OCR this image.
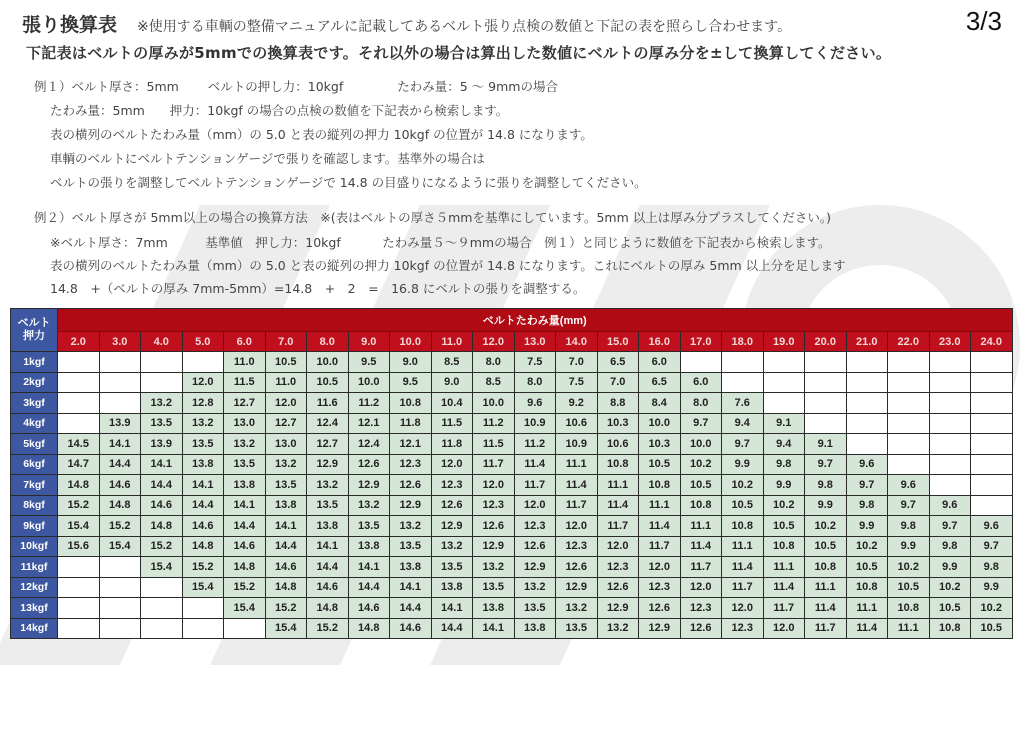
張り換算表 ※使用する車輌の整備マニュアルに記載してあるベルト張り点検の数値と下記の表を照らし合わせます。	3/3
下記表はベルトの厚みが5mmでの換算表です。それ以外の場合は算出した数値にベルトの厚み分を±して換算してください。
例１）ベルト厚さ：5mm　　 ベルトの押し力：10kgf　　　　 たわみ量：5 ～ 9mmの場合
たわみ量：5mm　　押力：10kgf の場合の点検の数値を下記表から検索します。
表の横列のベルトたわみ量（mm）の 5.0 と表の縦列の押力 10kgf の位置が 14.8 になります。
車輌のベルトにベルトテンションゲージで張りを確認します。基準外の場合は
ベルトの張りを調整してベルトテンションゲージで 14.8 の目盛りになるように張りを調整してください。
例２）ベルト厚さが 5mm以上の場合の換算方法　※(表はベルトの厚さ５mmを基準にしています。5mm 以上は厚み分プラスしてください。)
※ベルト厚さ：7mm　　　基準値　押し力：10kgf　　　 たわみ量５～９mmの場合　例１）と同じように数値を下記表から検索します。
表の横列のベルトたわみ量（mm）の 5.0 と表の縦列の押力 10kgf の位置が 14.8 になります。これにベルトの厚み 5mm 以上分を足します
14.8　+（ベルトの厚み 7mm-5mm）=14.8　+　2　=　16.8 にベルトの張りを調整する。
ベルト
押力	ベルトたわみ量(mm)																						
	2.0	3.0	4.0	5.0	6.0	7.0	8.0	9.0	10.0	11.0	12.0	13.0	14.0	15.0	16.0	17.0	18.0	19.0	20.0	21.0	22.0	23.0	24.0
1kgf					11.0	10.5	10.0	9.5	9.0	8.5	8.0	7.5	7.0	6.5	6.0								
2kgf				12.0	11.5	11.0	10.5	10.0	9.5	9.0	8.5	8.0	7.5	7.0	6.5	6.0							
3kgf			13.2	12.8	12.7	12.0	11.6	11.2	10.8	10.4	10.0	9.6	9.2	8.8	8.4	8.0	7.6						
4kgf		13.9	13.5	13.2	13.0	12.7	12.4	12.1	11.8	11.5	11.2	10.9	10.6	10.3	10.0	9.7	9.4	9.1					
5kgf	14.5	14.1	13.9	13.5	13.2	13.0	12.7	12.4	12.1	11.8	11.5	11.2	10.9	10.6	10.3	10.0	9.7	9.4	9.1				
6kgf	14.7	14.4	14.1	13.8	13.5	13.2	12.9	12.6	12.3	12.0	11.7	11.4	11.1	10.8	10.5	10.2	9.9	9.8	9.7	9.6			
7kgf	14.8	14.6	14.4	14.1	13.8	13.5	13.2	12.9	12.6	12.3	12.0	11.7	11.4	11.1	10.8	10.5	10.2	9.9	9.8	9.7	9.6		
8kgf	15.2	14.8	14.6	14.4	14.1	13.8	13.5	13.2	12.9	12.6	12.3	12.0	11.7	11.4	11.1	10.8	10.5	10.2	9.9	9.8	9.7	9.6	
9kgf	15.4	15.2	14.8	14.6	14.4	14.1	13.8	13.5	13.2	12.9	12.6	12.3	12.0	11.7	11.4	11.1	10.8	10.5	10.2	9.9	9.8	9.7	9.6
10kgf	15.6	15.4	15.2	14.8	14.6	14.4	14.1	13.8	13.5	13.2	12.9	12.6	12.3	12.0	11.7	11.4	11.1	10.8	10.5	10.2	9.9	9.8	9.7
11kgf			15.4	15.2	14.8	14.6	14.4	14.1	13.8	13.5	13.2	12.9	12.6	12.3	12.0	11.7	11.4	11.1	10.8	10.5	10.2	9.9	9.8
12kgf				15.4	15.2	14.8	14.6	14.4	14.1	13.8	13.5	13.2	12.9	12.6	12.3	12.0	11.7	11.4	11.1	10.8	10.5	10.2	9.9
13kgf					15.4	15.2	14.8	14.6	14.4	14.1	13.8	13.5	13.2	12.9	12.6	12.3	12.0	11.7	11.4	11.1	10.8	10.5	10.2
14kgf						15.4	15.2	14.8	14.6	14.4	14.1	13.8	13.5	13.2	12.9	12.6	12.3	12.0	11.7	11.4	11.1	10.8	10.5
